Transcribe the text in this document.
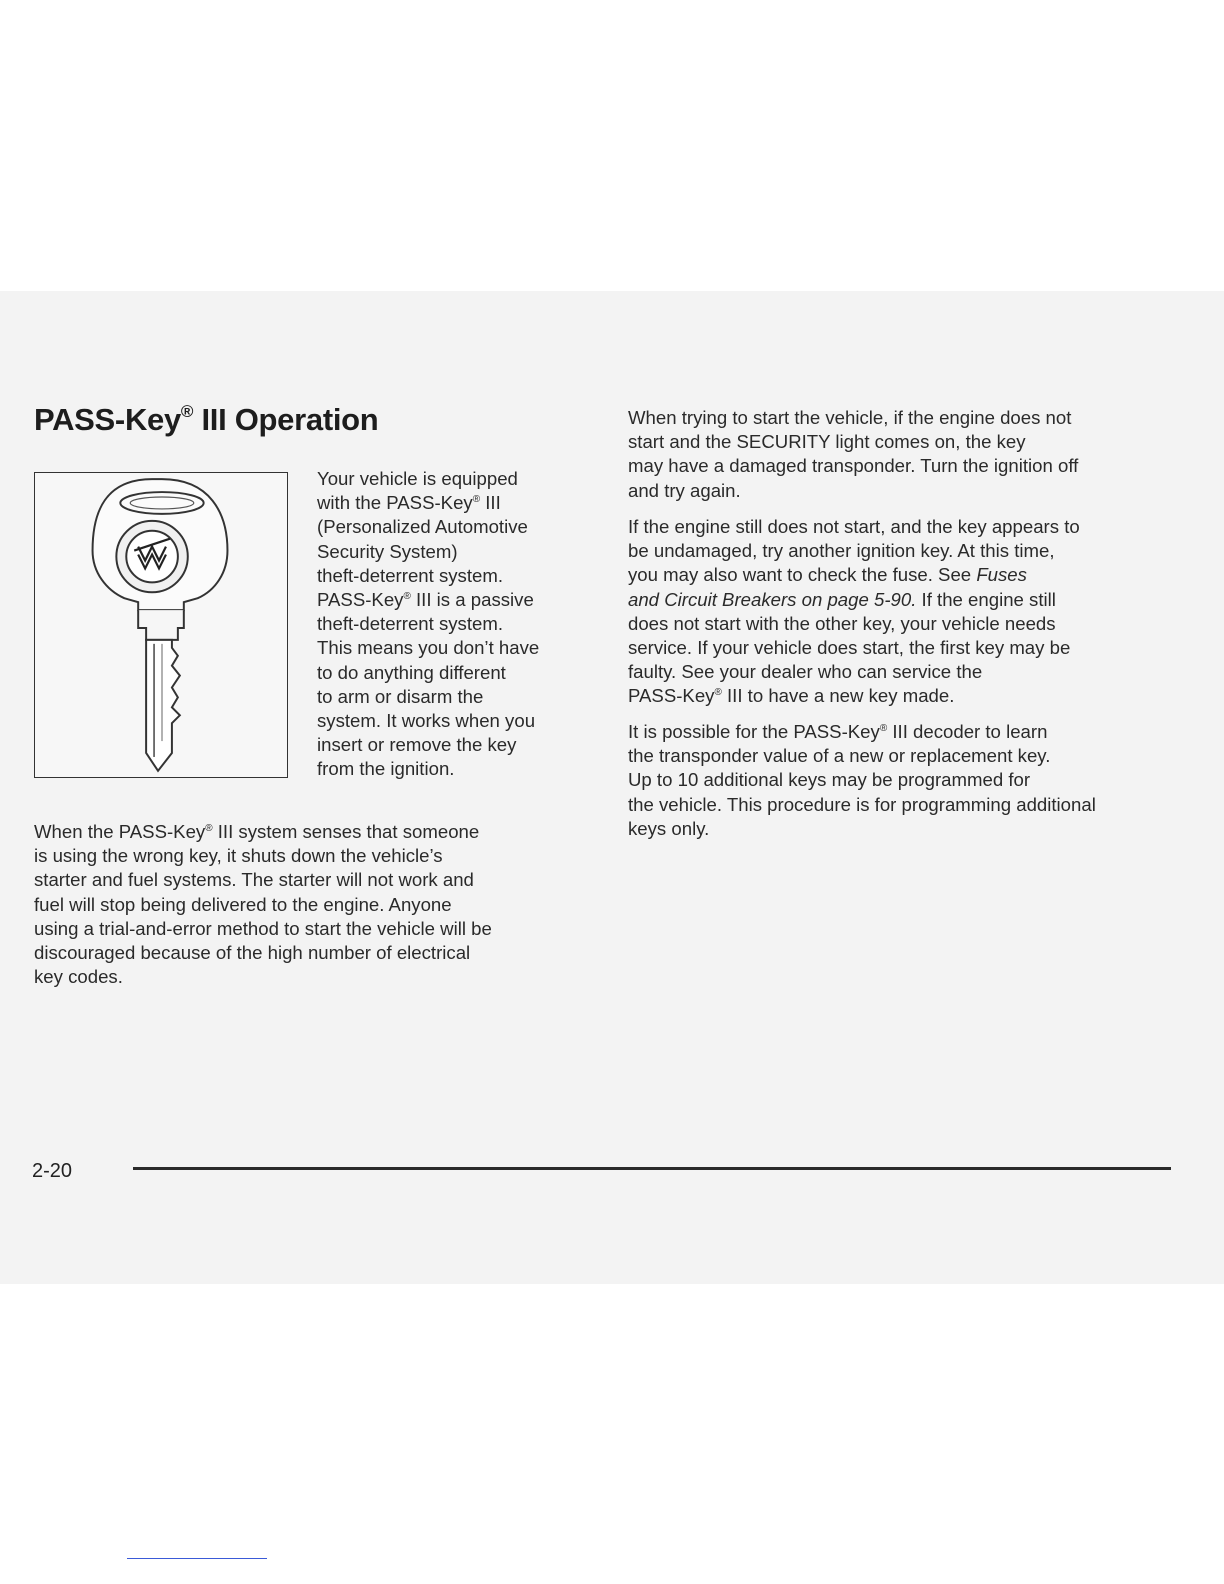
PASS-Key® III Operation

Your vehicle is equipped
with the PASS-Key® III
(Personalized Automotive
Security System)
theft-deterrent system.
PASS-Key® III is a passive
theft-deterrent system.
This means you don’t have
to do anything different
to arm or disarm the
system. It works when you
insert or remove the key
from the ignition.

When the PASS-Key® III system senses that someone
is using the wrong key, it shuts down the vehicle’s
starter and fuel systems. The starter will not work and
fuel will stop being delivered to the engine. Anyone
using a trial-and-error method to start the vehicle will be
discouraged because of the high number of electrical
key codes.

When trying to start the vehicle, if the engine does not
start and the SECURITY light comes on, the key
may have a damaged transponder. Turn the ignition off
and try again.

If the engine still does not start, and the key appears to
be undamaged, try another ignition key. At this time,
you may also want to check the fuse. See Fuses
and Circuit Breakers on page 5-90. If the engine still
does not start with the other key, your vehicle needs
service. If your vehicle does start, the first key may be
faulty. See your dealer who can service the
PASS-Key® III to have a new key made.

It is possible for the PASS-Key® III decoder to learn
the transponder value of a new or replacement key.
Up to 10 additional keys may be programmed for
the vehicle. This procedure is for programming additional
keys only.

2-20
